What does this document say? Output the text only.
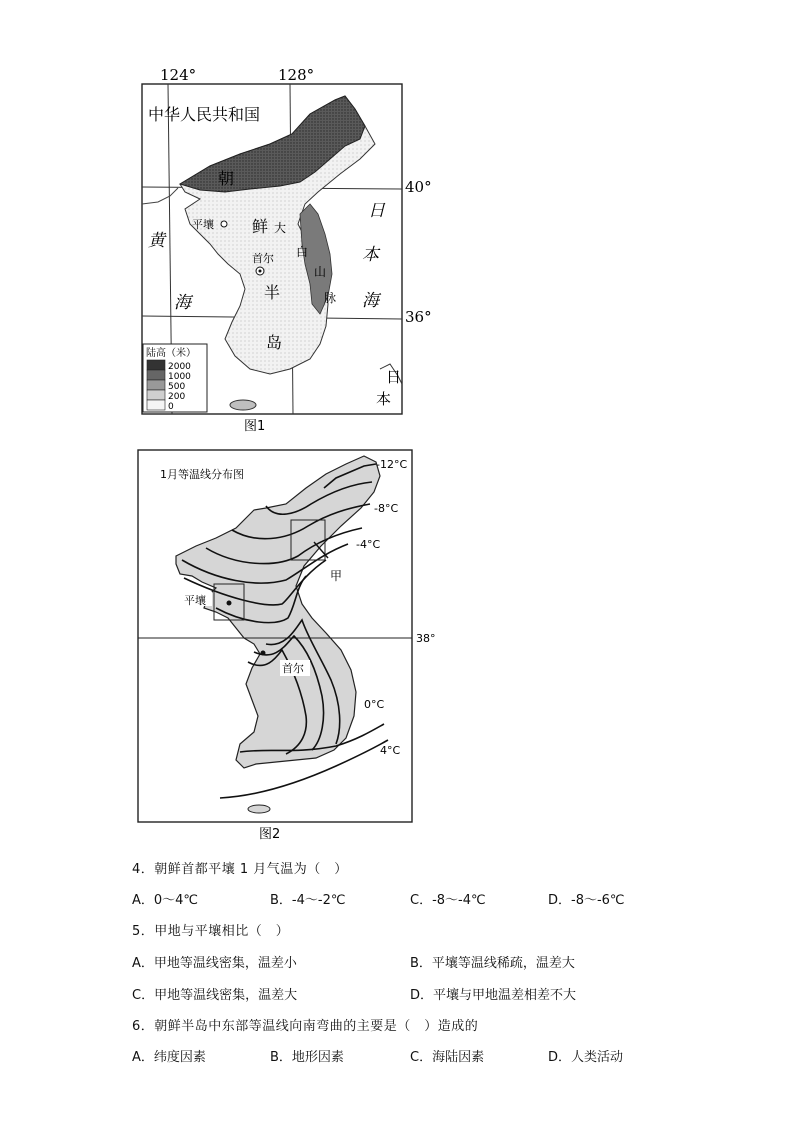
124°	128°
40°
36°
中华人民共和国
朝
鲜
半
岛
大
白
山
脉
平壤
首尔
黄
海
日
本
海
日
本
陆高（米）
2000
1000
500
200
0
图1
1月等温线分布图
-12°C
-8°C
-4°C
0°C
4°C
38°
甲
平壤
首尔
图2
4．朝鲜首都平壤 1 月气温为（　）
A．0～4℃	B．-4～-2℃	C．-8～-4℃	D．-8～-6℃
5．甲地与平壤相比（　）
A．甲地等温线密集，温差小	B．平壤等温线稀疏，温差大
C．甲地等温线密集，温差大	D．平壤与甲地温差相差不大
6．朝鲜半岛中东部等温线向南弯曲的主要是（　）造成的
A．纬度因素	B．地形因素	C．海陆因素	D．人类活动
